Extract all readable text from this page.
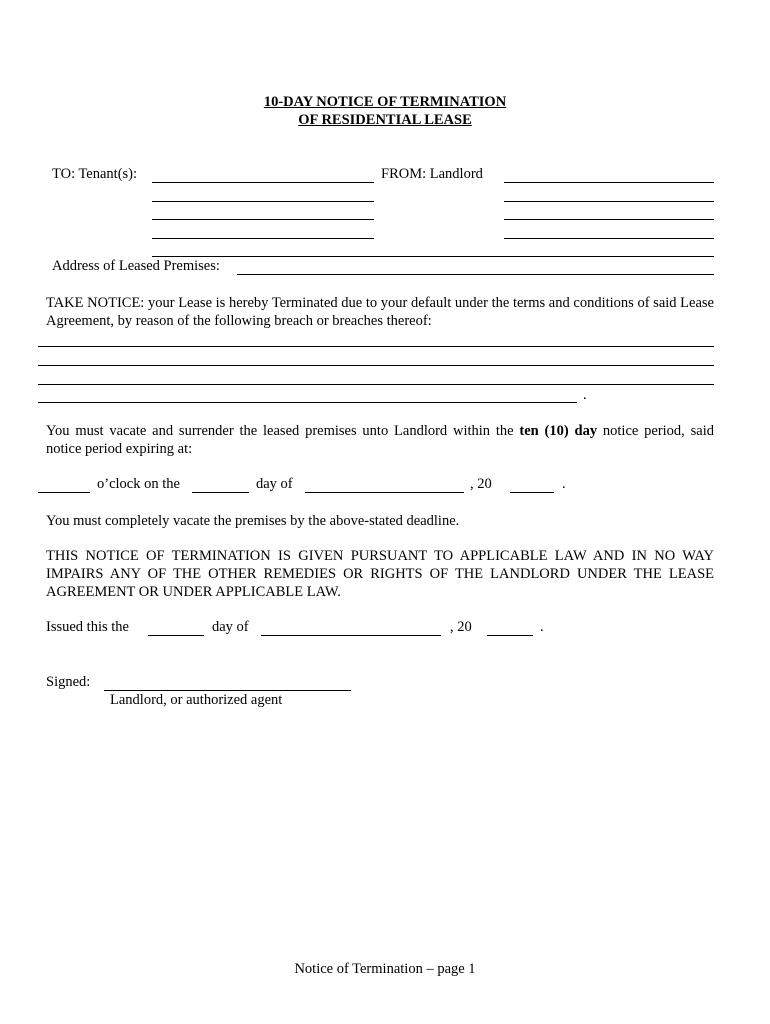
10-DAY NOTICE OF TERMINATION
OF RESIDENTIAL LEASE
TO: Tenant(s):	FROM: Landlord
Address of Leased Premises:
TAKE NOTICE: your Lease is hereby Terminated due to your default under the terms and conditions of said Lease Agreement, by reason of the following breach or breaches thereof:
.
You must vacate and surrender the leased premises unto Landlord within the ten (10) day notice period, said notice period expiring at:
o’clock on the	day of	, 20	.
You must completely vacate the premises by the above-stated deadline.
THIS NOTICE OF TERMINATION IS GIVEN PURSUANT TO APPLICABLE LAW AND IN NO WAY IMPAIRS ANY OF THE OTHER REMEDIES OR RIGHTS OF THE LANDLORD UNDER THE LEASE AGREEMENT OR UNDER APPLICABLE LAW.
Issued this the	day of	, 20	.
Signed:
Landlord, or authorized agent
Notice of Termination – page 1
